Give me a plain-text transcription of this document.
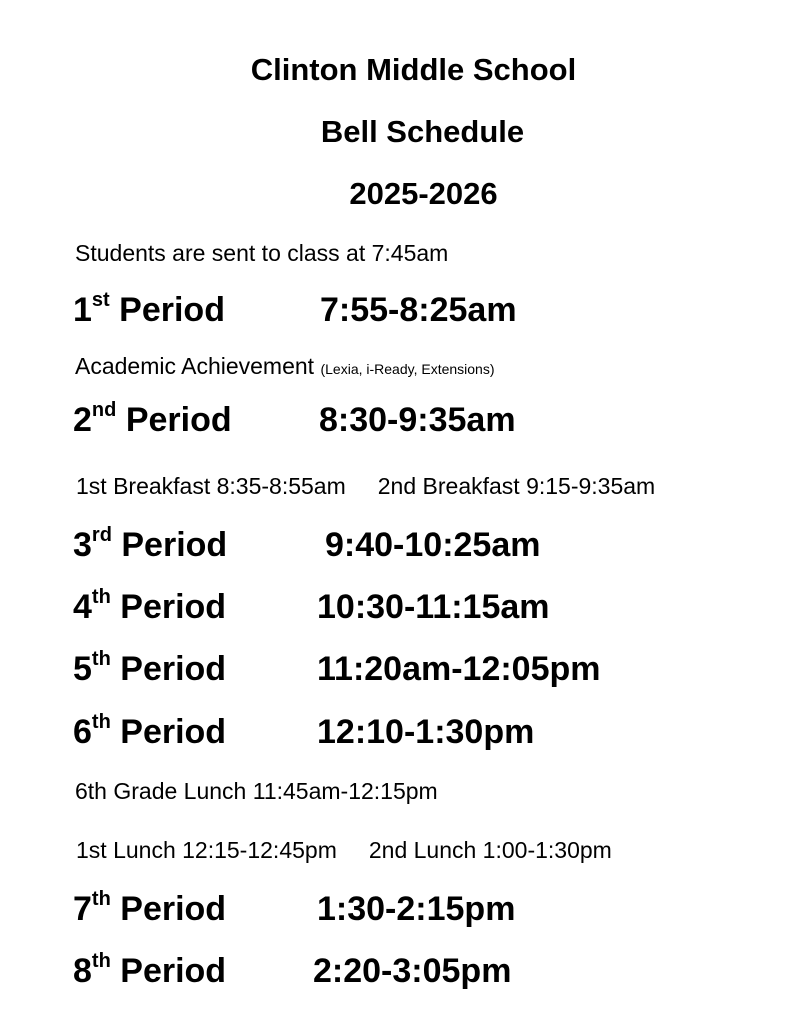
Clinton Middle School
Bell Schedule
2025-2026
Students are sent to class at 7:45am
1st Period	7:55-8:25am
Academic Achievement (Lexia, i-Ready, Extensions)
2nd Period	8:30-9:35am
1st Breakfast 8:35-8:55am 2nd Breakfast 9:15-9:35am
3rd Period	9:40-10:25am
4th Period	10:30-11:15am
5th Period	11:20am-12:05pm
6th Period	12:10-1:30pm
6th Grade Lunch 11:45am-12:15pm
1st Lunch 12:15-12:45pm 2nd Lunch 1:00-1:30pm
7th Period	1:30-2:15pm
8th Period	2:20-3:05pm
